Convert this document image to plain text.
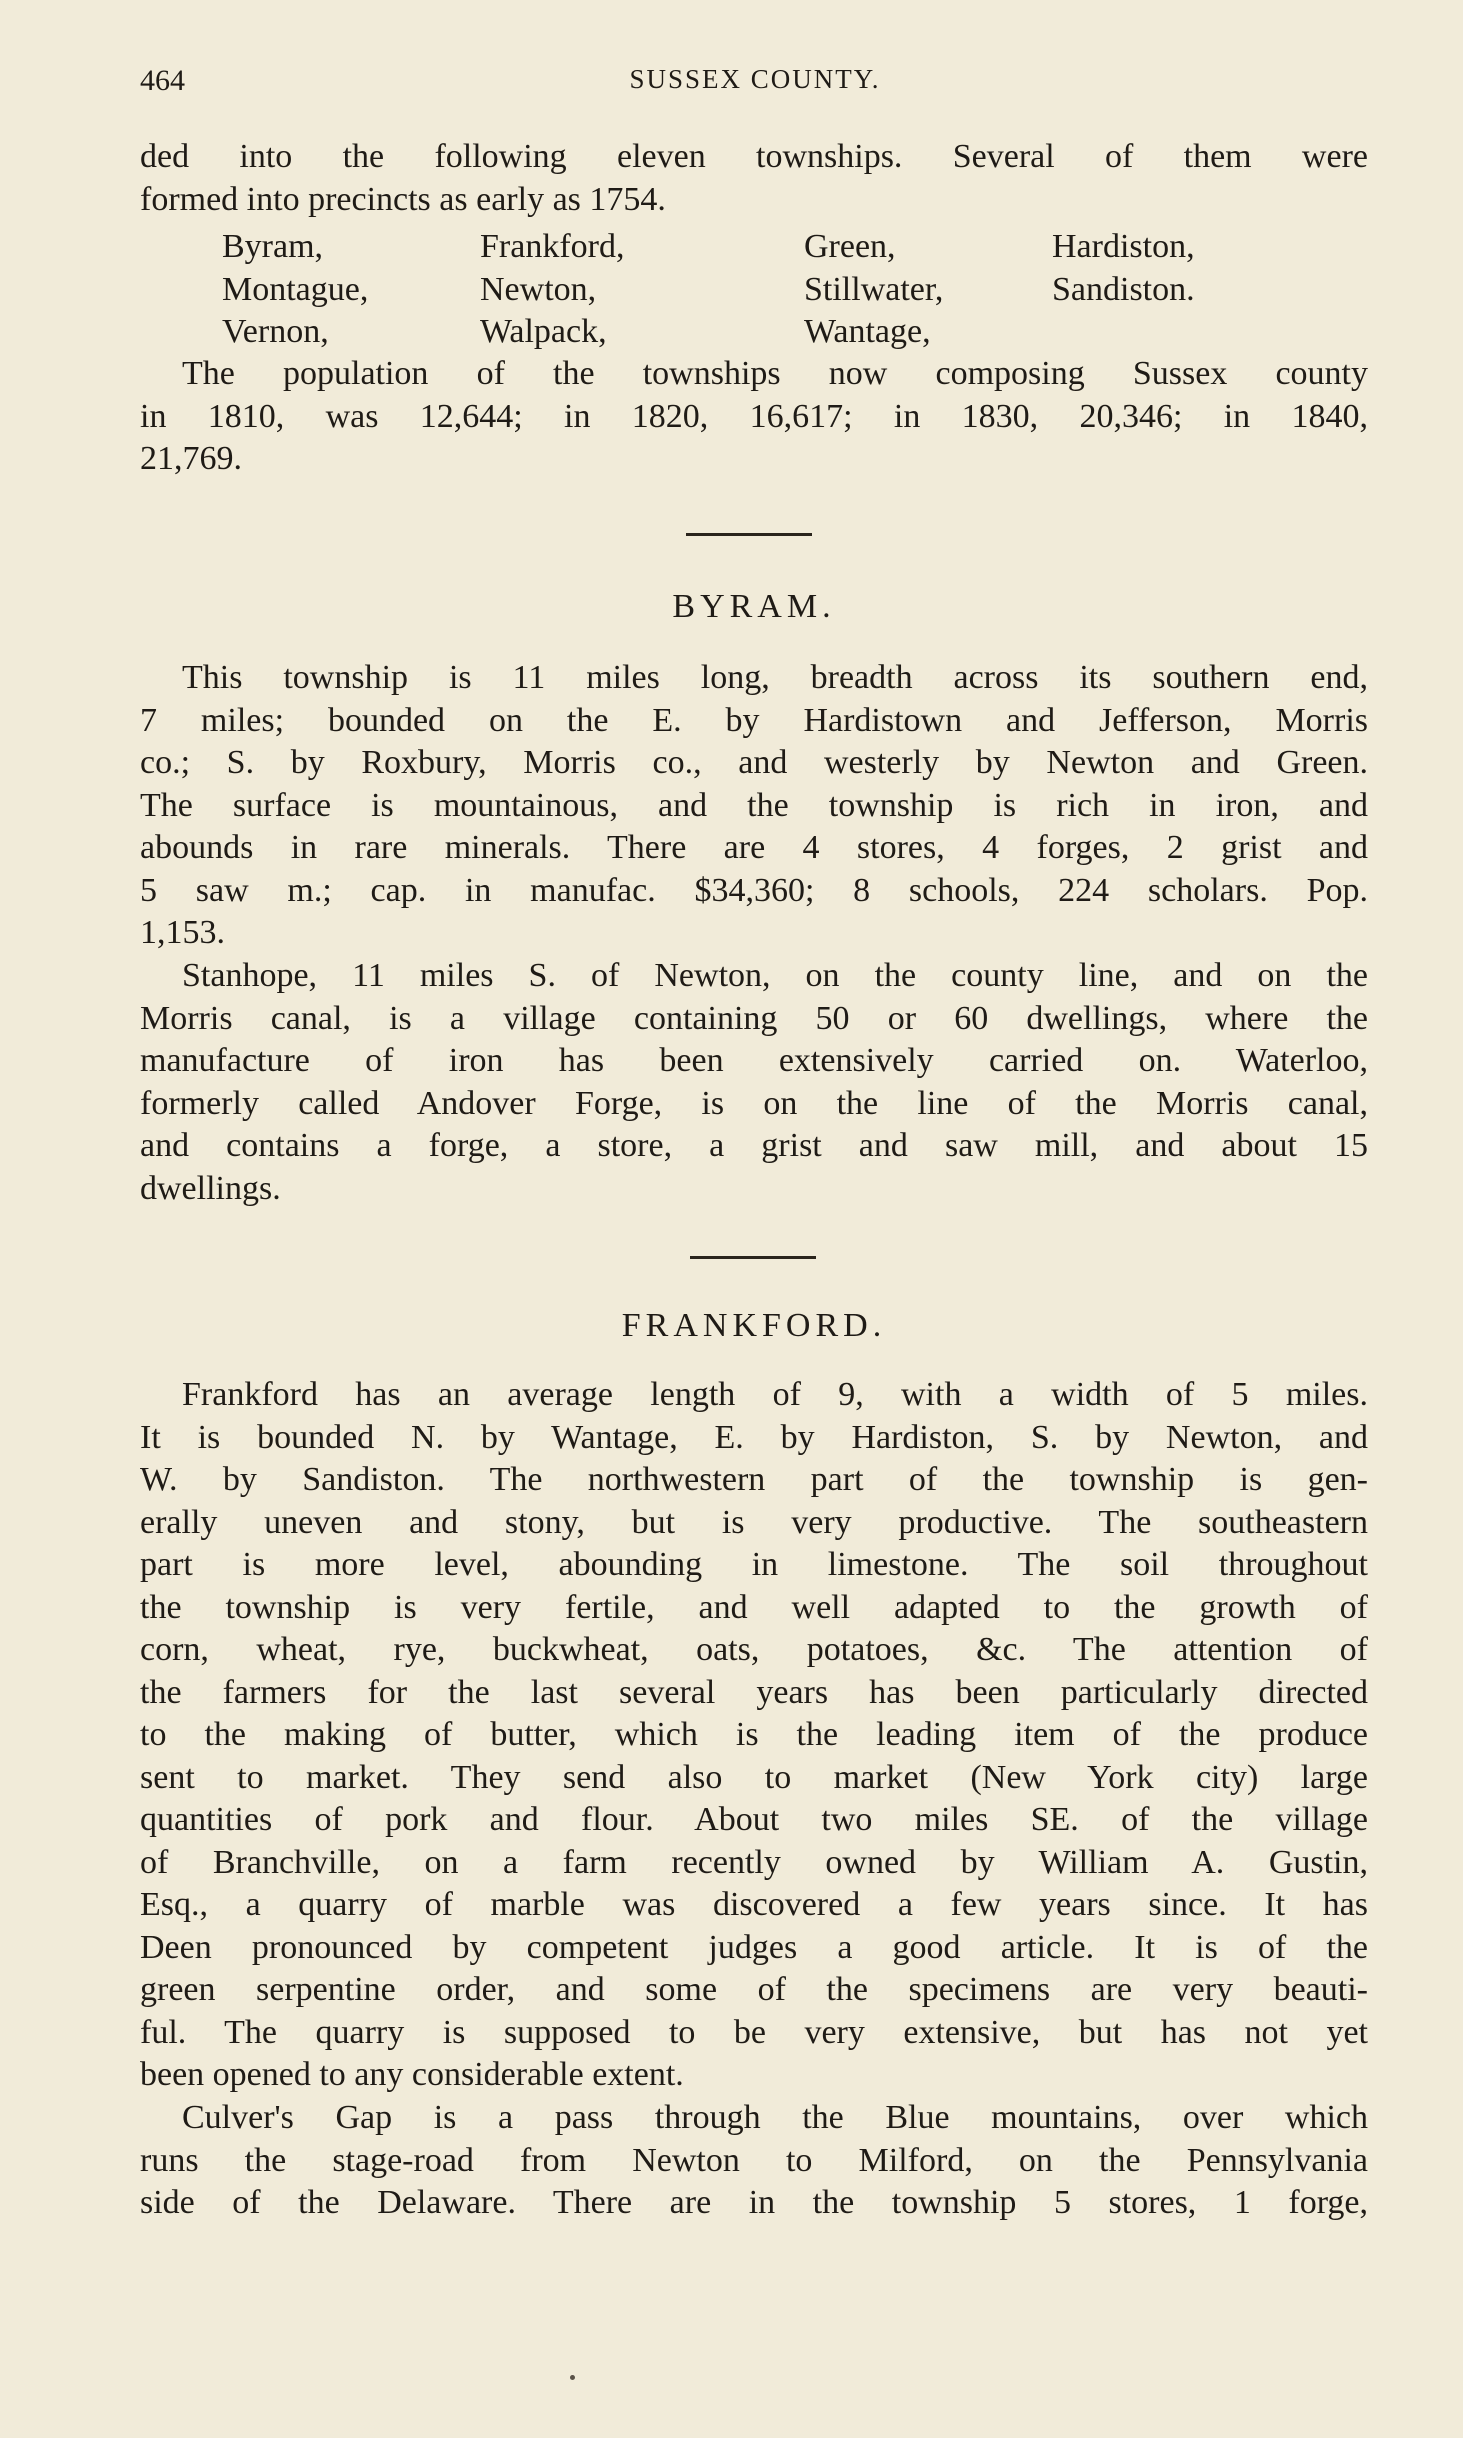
464	SUSSEX COUNTY.
ded into the following eleven townships. Several of them were
formed into precincts as early as 1754.
Byram,	Frankford,	Green,	Hardiston,
Montague,	Newton,	Stillwater,	Sandiston.
Vernon,	Walpack,	Wantage,
The population of the townships now composing Sussex county
in 1810, was 12,644; in 1820, 16,617; in 1830, 20,346; in 1840,
21,769.
BYRAM.
This township is 11 miles long, breadth across its southern end,
7 miles; bounded on the E. by Hardistown and Jefferson, Morris
co.; S. by Roxbury, Morris co., and westerly by Newton and Green.
The surface is mountainous, and the township is rich in iron, and
abounds in rare minerals. There are 4 stores, 4 forges, 2 grist and
5 saw m.; cap. in manufac. $34,360; 8 schools, 224 scholars. Pop.
1,153.
Stanhope, 11 miles S. of Newton, on the county line, and on the
Morris canal, is a village containing 50 or 60 dwellings, where the
manufacture of iron has been extensively carried on. Waterloo,
formerly called Andover Forge, is on the line of the Morris canal,
and contains a forge, a store, a grist and saw mill, and about 15
dwellings.
FRANKFORD.
Frankford has an average length of 9, with a width of 5 miles.
It is bounded N. by Wantage, E. by Hardiston, S. by Newton, and
W. by Sandiston. The northwestern part of the township is gen-
erally uneven and stony, but is very productive. The southeastern
part is more level, abounding in limestone. The soil throughout
the township is very fertile, and well adapted to the growth of
corn, wheat, rye, buckwheat, oats, potatoes, &c. The attention of
the farmers for the last several years has been particularly directed
to the making of butter, which is the leading item of the produce
sent to market. They send also to market (New York city) large
quantities of pork and flour. About two miles SE. of the village
of Branchville, on a farm recently owned by William A. Gustin,
Esq., a quarry of marble was discovered a few years since. It has
Deen pronounced by competent judges a good article. It is of the
green serpentine order, and some of the specimens are very beauti-
ful. The quarry is supposed to be very extensive, but has not yet
been opened to any considerable extent.
Culver's Gap is a pass through the Blue mountains, over which
runs the stage-road from Newton to Milford, on the Pennsylvania
side of the Delaware. There are in the township 5 stores, 1 forge,
